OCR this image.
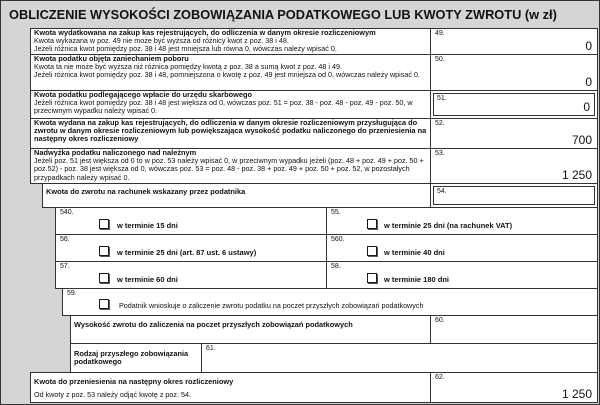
OBLICZENIE WYSOKOŚCI ZOBOWIĄZANIA PODATKOWEGO LUB KWOTY ZWROTU (w zł)
Kwota wydatkowana na zakup kas rejestrujących, do odliczenia w danym okresie rozliczeniowym
Kwota wykazana w poz. 49 nie może być wyższa od różnicy kwot z poz. 38 i 48.
Jeżeli różnica kwot pomiędzy poz. 38 i 48 jest mniejsza lub równa 0, wówczas należy wpisać 0.
49.
0
Kwota podatku objęta zaniechaniem poboru
Kwota ta nie może być wyższa niż różnica pomiędzy kwotą z poz. 38 a sumą kwot z poz. 48 i 49.
Jeżeli różnica kwot pomiędzy poz. 38 i 48, pomniejszona o kwotę z poz. 49 jest mniejsza od 0, wówczas należy wpisać 0.
50.
0
Kwota podatku podlegającego wpłacie do urzędu skarbowego
Jeżeli różnica kwot pomiędzy poz. 38 i 48 jest większa od 0, wówczas poz. 51 = poz. 38 - poz. 48 - poz. 49 - poz. 50, w przeciwnym wypadku należy wpisać 0.
51.
0
Kwota wydana na zakup kas rejestrujących, do odliczenia w danym okresie rozliczeniowym przysługująca do zwrotu w danym okresie rozliczeniowym lub powiększająca wysokość podatku naliczonego do przeniesienia na następny okres rozliczeniowy
52.
700
Nadwyżka podatku naliczonego nad należnym
Jeżeli poz. 51 jest większa od 0 to w poz. 53 należy wpisać 0, w przeciwnym wypadku jeżeli (poz. 48 + poz. 49 + poz. 50 + poz.52) - poz. 38 jest większa od 0, wówczas poz. 53 = poz. 48 - poz. 38 + poz. 49 + poz. 50 + poz. 52, w pozostałych przypadkach należy wpisać 0.
53.
1 250
Kwota do zwrotu na rachunek wskazany przez podatnika	54.
540.
w terminie 15 dni
55.
w terminie 25 dni (na rachunek VAT)
56.
w terminie 25 dni (art. 87 ust. 6 ustawy)
560.
w terminie 40 dni
57.
w terminie 60 dni
58.
w terminie 180 dni
59.
Podatnik wnioskuje o zaliczenie zwrotu podatku na poczet przyszłych zobowiązań podatkowych
Wysokość zwrotu do zaliczenia na poczet przyszłych zobowiązań podatkowych	60.
Rodzaj przyszłego zobowiązania podatkowego
61.
Kwota do przeniesienia na następny okres rozliczeniowy
Od kwoty z poz. 53 należy odjąć kwotę z poz. 54.
62.
1 250
